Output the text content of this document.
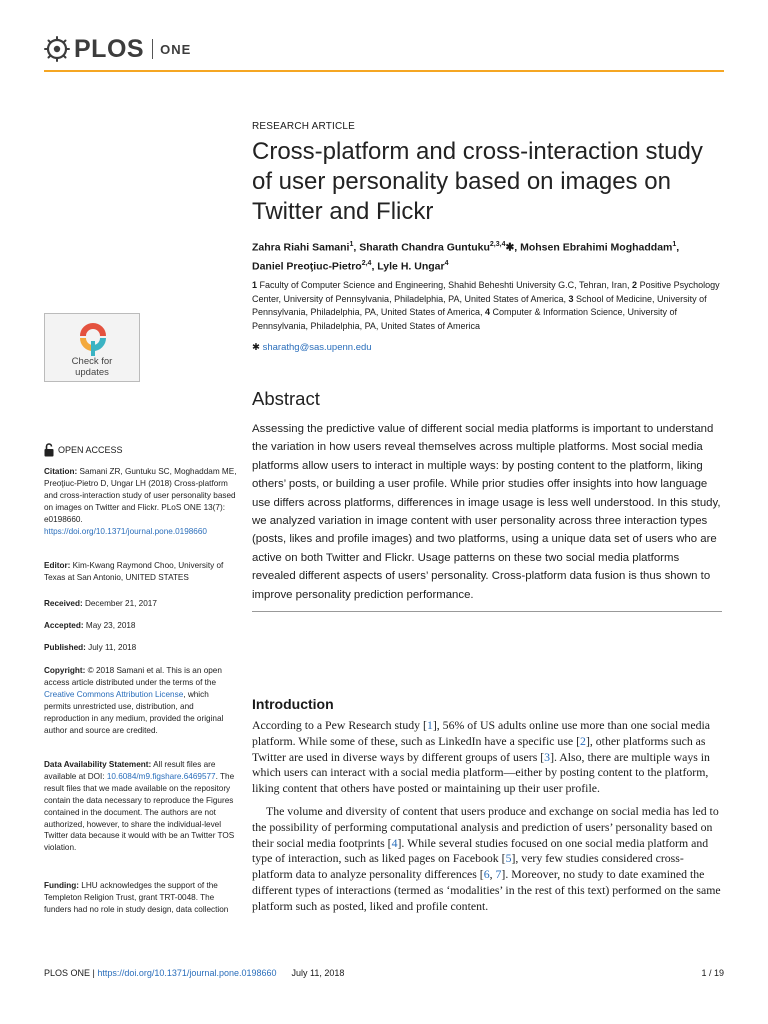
PLOS ONE
RESEARCH ARTICLE
Cross-platform and cross-interaction study of user personality based on images on Twitter and Flickr
Zahra Riahi Samani$^1$, Sharath Chandra Guntuku$^{2,3,4}$✱, Mohsen Ebrahimi Moghaddam$^1$,
Daniel Preoţiuc-Pietro$^{2,4}$, Lyle H. Ungar$^4$
1 Faculty of Computer Science and Engineering, Shahid Beheshti University G.C, Tehran, Iran, 2 Positive Psychology Center, University of Pennsylvania, Philadelphia, PA, United States of America, 3 School of Medicine, University of Pennsylvania, Philadelphia, PA, United States of America, 4 Computer & Information Science, University of Pennsylvania, Philadelphia, PA, United States of America
✱ sharathg@sas.upenn.edu
Abstract
Assessing the predictive value of different social media platforms is important to understand the variation in how users reveal themselves across multiple platforms. Most social media platforms allow users to interact in multiple ways: by posting content to the platform, liking others’ posts, or building a user profile. While prior studies offer insights into how language use differs across platforms, differences in image usage is less well understood. In this study, we analyzed variation in image content with user personality across three interaction types (posts, likes and profile images) and two platforms, using a unique data set of users who are active on both Twitter and Flickr. Usage patterns on these two social media platforms revealed different aspects of users’ personality. Cross-platform data fusion is thus shown to improve personality prediction performance.
Introduction
According to a Pew Research study [1], 56% of US adults online use more than one social media platform. While some of these, such as LinkedIn have a specific use [2], other platforms such as Twitter are used in diverse ways by different groups of users [3]. Also, there are multiple ways in which users can interact with a social media platform—either by posting content to the platform, liking content that others have posted or maintaining up their user profile.
The volume and diversity of content that users produce and exchange on social media has led to the possibility of performing computational analysis and prediction of users’ personality based on their social media footprints [4]. While several studies focused on one social media platform and type of interaction, such as liked pages on Facebook [5], very few studies considered cross-platform data to analyze personality differences [6, 7]. Moreover, no study to date examined the different types of interactions (termed as ‘modalities’ in the rest of this text) performed on the same platform such as posted, liked and profile content.
Check for
updates
OPEN ACCESS
Citation: Samani ZR, Guntuku SC, Moghaddam ME, Preoţiuc-Pietro D, Ungar LH (2018) Cross-platform and cross-interaction study of user personality based on images on Twitter and Flickr. PLoS ONE 13(7): e0198660. https://doi.org/10.1371/journal.pone.0198660
Editor: Kim-Kwang Raymond Choo, University of Texas at San Antonio, UNITED STATES
Received: December 21, 2017
Accepted: May 23, 2018
Published: July 11, 2018
Copyright: © 2018 Samani et al. This is an open access article distributed under the terms of the Creative Commons Attribution License, which permits unrestricted use, distribution, and reproduction in any medium, provided the original author and source are credited.
Data Availability Statement: All result files are available at DOI: 10.6084/m9.figshare.6469577. The result files that we made available on the repository contain the data necessary to reproduce the Figures contained in the document. The authors are not authorized, however, to share the individual-level Twitter data because it would with be an Twitter TOS violation.
Funding: LHU acknowledges the support of the Templeton Religion Trust, grant TRT-0048. The funders had no role in study design, data collection
PLOS ONE | https://doi.org/10.1371/journal.pone.0198660 July 11, 2018	1 / 19
